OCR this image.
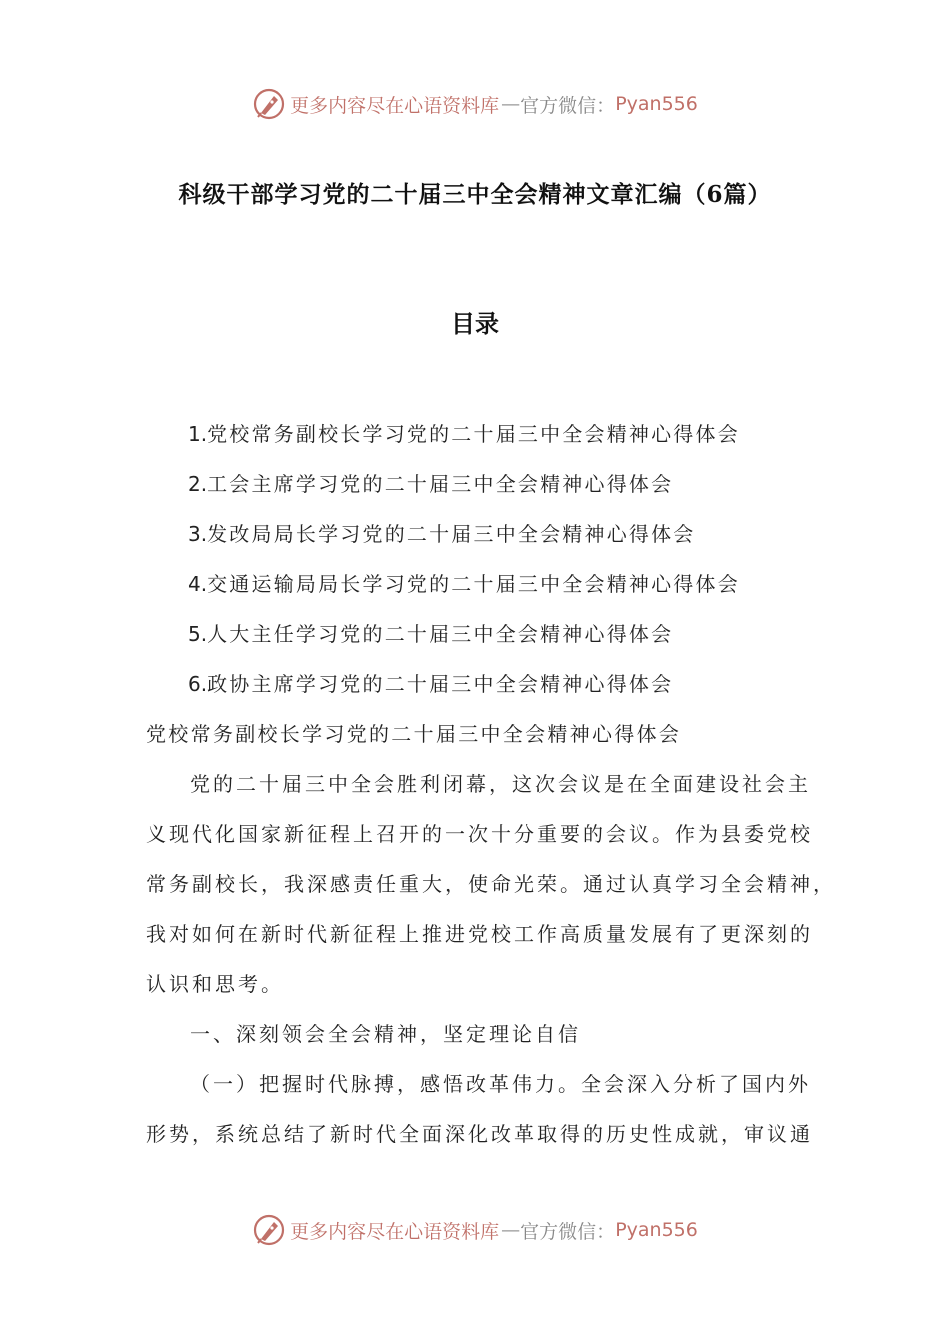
更多内容尽在心语资料库 — 官方微信： Pyan556
科级干部学习党的二十届三中全会精神文章汇编（6篇）
目录
1.党校常务副校长学习党的二十届三中全会精神心得体会
2.工会主席学习党的二十届三中全会精神心得体会
3.发改局局长学习党的二十届三中全会精神心得体会
4.交通运输局局长学习党的二十届三中全会精神心得体会
5.人大主任学习党的二十届三中全会精神心得体会
6.政协主席学习党的二十届三中全会精神心得体会
党校常务副校长学习党的二十届三中全会精神心得体会
党的二十届三中全会胜利闭幕，这次会议是在全面建设社会主
义现代化国家新征程上召开的一次十分重要的会议。作为县委党校
常务副校长，我深感责任重大，使命光荣。通过认真学习全会精神，
我对如何在新时代新征程上推进党校工作高质量发展有了更深刻的
认识和思考。
一、深刻领会全会精神，坚定理论自信
（一）把握时代脉搏，感悟改革伟力。全会深入分析了国内外
形势，系统总结了新时代全面深化改革取得的历史性成就，审议通
更多内容尽在心语资料库 — 官方微信： Pyan556
